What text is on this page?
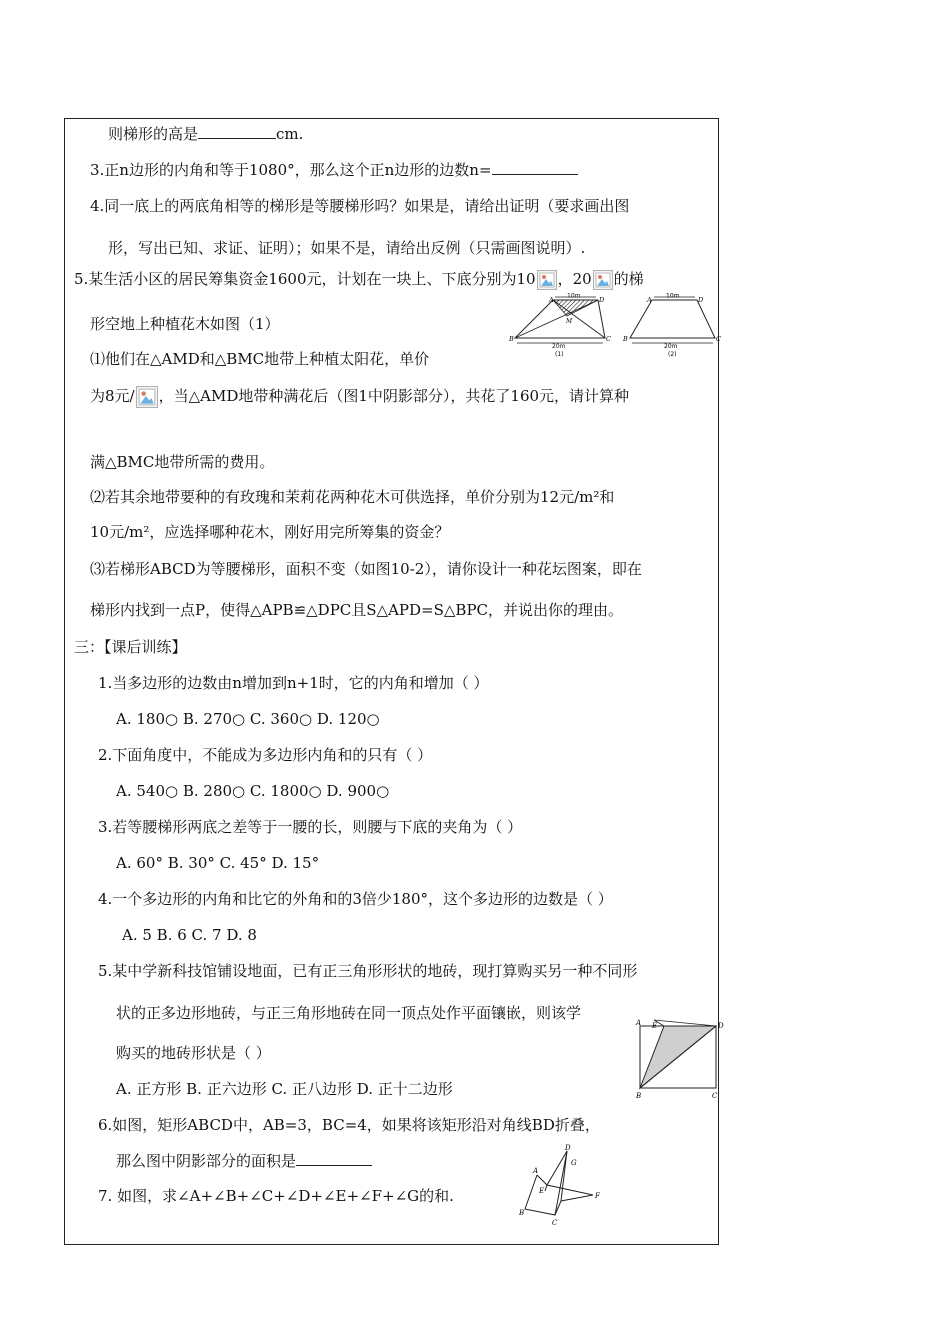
则梯形的高是	cm.
3.正n边形的内角和等于1080°，那么这个正n边形的边数n=
4.同一底上的两底角相等的梯形是等腰梯形吗？如果是，请给出证明（要求画出图
形，写出已知、求证、证明）；如果不是，请给出反例（只需画图说明）.
5.某生活小区的居民筹集资金1600元，计划在一块上、下底分别为10 ，20 的梯
形空地上种植花木如图（1）
⑴他们在△AMD和△BMC地带上种植太阳花，单价
为8元/ ，当△AMD地带种满花后（图1中阴影部分），共花了160元，请计算种
满△BMC地带所需的费用。
⑵若其余地带要种的有玫瑰和茉莉花两种花木可供选择，单价分别为12元/m²和
10元/m²，应选择哪种花木，刚好用完所筹集的资金？
⑶若梯形ABCD为等腰梯形，面积不变（如图10-2），请你设计一种花坛图案，即在
梯形内找到一点P，使得△APB≌△DPC且S△APD=S△BPC，并说出你的理由。
三：【课后训练】
1.当多边形的边数由n增加到n+1时，它的内角和增加（ ）
A. 180○ B. 270○ C. 360○ D. 120○
2.下面角度中，不能成为多边形内角和的只有（ ）
A. 540○ B. 280○ C. 1800○ D. 900○
3.若等腰梯形两底之差等于一腰的长，则腰与下底的夹角为（ ）
A. 60° B. 30° C. 45° D. 15°
4.一个多边形的内角和比它的外角和的3倍少180°，这个多边形的边数是（ ）
A. 5 B. 6 C. 7 D. 8
5.某中学新科技馆铺设地面，已有正三角形形状的地砖，现打算购买另一种不同形
状的正多边形地砖，与正三角形地砖在同一顶点处作平面镶嵌，则该学
购买的地砖形状是（ ）
A. 正方形 B. 正六边形 C. 正八边形 D. 正十二边形
6.如图，矩形ABCD中，AB=3，BC=4，如果将该矩形沿对角线BD折叠，
那么图中阴影部分的面积是
7. 如图，求∠A+∠B+∠C+∠D+∠E+∠F+∠G的和.
10m
20m
A	D
B	C
M
(1)
10m
20m
A	D
B	C
(2)
A E	D
B	C
A
B
C
D
E
F
G
